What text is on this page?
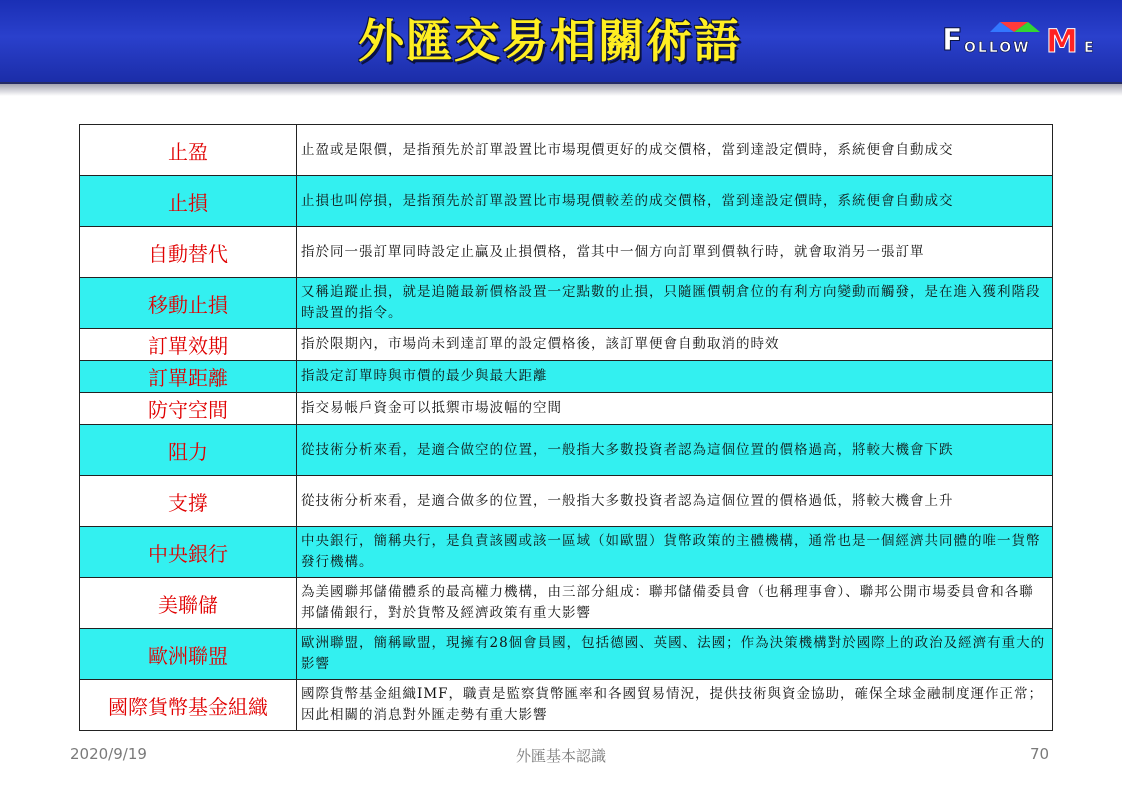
外匯交易相關術語	F OLLOW M E
止盈	止盈或是限價，是指預先於訂單設置比市場現價更好的成交價格，當到達設定價時，系統便會自動成交
止損	止損也叫停損，是指預先於訂單設置比市場現價較差的成交價格，當到達設定價時，系統便會自動成交
自動替代	指於同一張訂單同時設定止贏及止損價格，當其中一個方向訂單到價執行時，就會取消另一張訂單
移動止損	又稱追蹤止損，就是追隨最新價格設置一定點數的止損，只隨匯價朝倉位的有利方向變動而觸發，是在進入獲利階段時設置的指令。
訂單效期	指於限期內，市場尚未到達訂單的設定價格後，該訂單便會自動取消的時效
訂單距離	指設定訂單時與市價的最少與最大距離
防守空間	指交易帳戶資金可以抵禦市場波幅的空間
阻力	從技術分析來看，是適合做空的位置，一般指大多數投資者認為這個位置的價格過高，將較大機會下跌
支撐	從技術分析來看，是適合做多的位置，一般指大多數投資者認為這個位置的價格過低，將較大機會上升
中央銀行	中央銀行，簡稱央行，是負責該國或該一區域（如歐盟）貨幣政策的主體機構，通常也是一個經濟共同體的唯一貨幣發行機構。
美聯儲	為美國聯邦儲備體系的最高權力機構，由三部分組成：聯邦儲備委員會（也稱理事會）、聯邦公開市場委員會和各聯邦儲備銀行，對於貨幣及經濟政策有重大影響
歐洲聯盟	歐洲聯盟，簡稱歐盟，現擁有28個會員國，包括德國、英國、法國；作為決策機構對於國際上的政治及經濟有重大的影響
國際貨幣基金組織	國際貨幣基金組織IMF，職責是監察貨幣匯率和各國貿易情況，提供技術與資金協助，確保全球金融制度運作正常；因此相關的消息對外匯走勢有重大影響
2020/9/19	外匯基本認識	70
